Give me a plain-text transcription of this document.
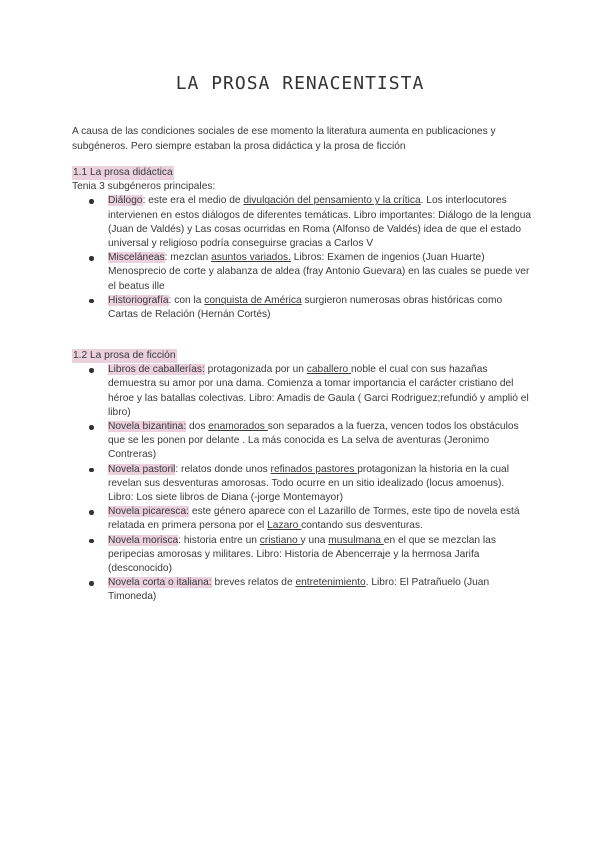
LA PROSA RENACENTISTA

A causa de las condiciones sociales de ese momento la literatura aumenta en publicaciones y subgéneros. Pero siempre estaban la prosa didáctica y la prosa de ficción

1.1 La prosa didáctica
Tenia 3 subgéneros principales:
Diálogo: este era el medio de divulgación del pensamiento y la crítica. Los interlocutores intervienen en estos diálogos de diferentes temáticas. Libro importantes: Diálogo de la lengua (Juan de Valdés) y Las cosas ocurridas en Roma (Alfonso de Valdés) idea de que el estado universal y religioso podría conseguirse gracias a Carlos V
Misceláneas: mezclan asuntos variados. Libros: Examen de ingenios (Juan Huarte) Menosprecio de corte y alabanza de aldea (fray Antonio Guevara) en las cuales se puede ver el beatus ille
Historiografía: con la conquista de América surgieron numerosas obras históricas como Cartas de Relación (Hernán Cortés)
1.2 La prosa de ficción
Libros de caballerías: protagonizada por un caballero noble el cual con sus hazañas demuestra su amor por una dama. Comienza a tomar importancia el carácter cristiano del héroe y las batallas colectivas. Libro: Amadis de Gaula ( Garci Rodriguez;refundió y amplió el libro)
Novela bizantina: dos enamorados son separados a la fuerza, vencen todos los obstáculos que se les ponen por delante . La más conocida es La selva de aventuras (Jeronimo Contreras)
Novela pastoril: relatos donde unos refinados pastores protagonizan la historia en la cual revelan sus desventuras amorosas. Todo ocurre en un sitio idealizado (locus amoenus). Libro: Los siete libros de Diana (-jorge Montemayor)
Novela picaresca: este género aparece con el Lazarillo de Tormes, este tipo de novela está relatada en primera persona por el Lazaro contando sus desventuras.
Novela morisca: historia entre un cristiano y una musulmana en el que se mezclan las peripecias amorosas y militares. Libro: Historia de Abencerraje y la hermosa Jarifa (desconocido)
Novela corta o italiana: breves relatos de entretenimiento. Libro: El Patrañuelo (Juan Timoneda)
